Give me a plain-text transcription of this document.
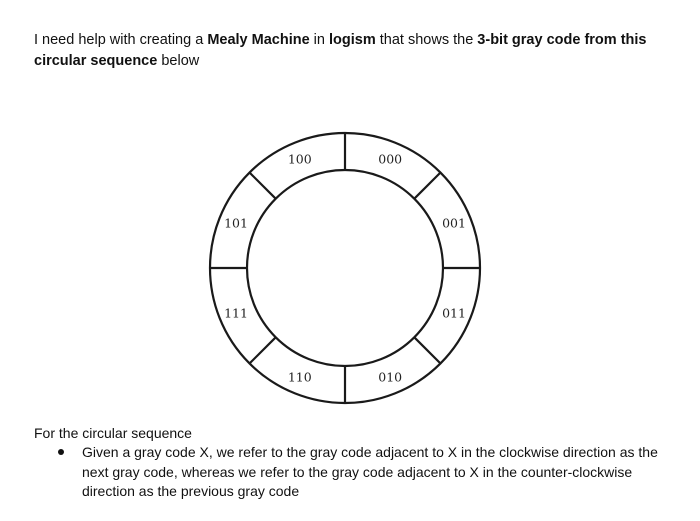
I need help with creating a Mealy Machine in logism that shows the 3-bit gray code from this circular sequence below
000
001
011
010
110
111
101
100
For the circular sequence
Given a gray code X, we refer to the gray code adjacent to X in the clockwise direction as the next gray code, whereas we refer to the gray code adjacent to X in the counter-clockwise direction as the previous gray code
